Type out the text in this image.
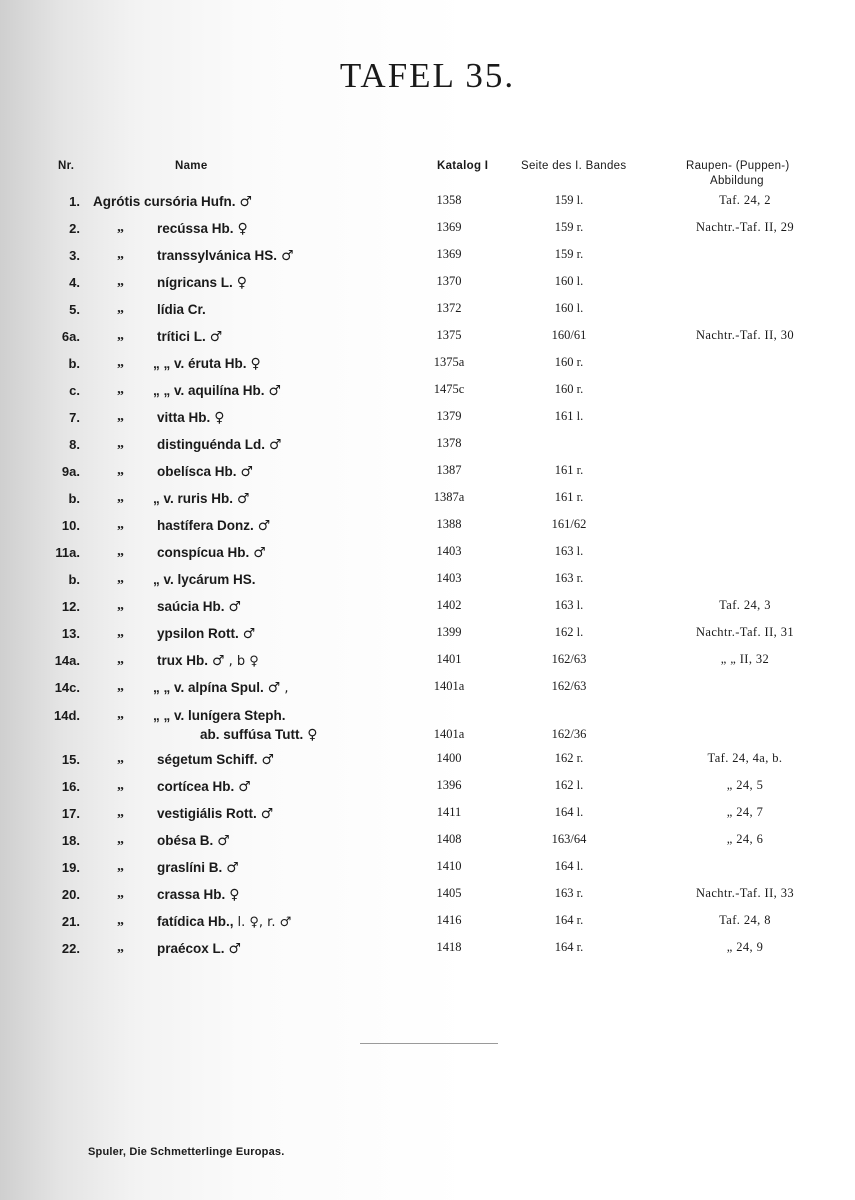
TAFEL 35.
Nr.	Name	Katalog I	Seite des I. Bandes	Raupen- (Puppen-)
Abbildung
1. Agrótis cursória Hufn. ♂	1358	159 l.	Taf. 24, 2
2.	„ recússa Hb. ♀	1369	159 r.	Nachtr.-Taf. II, 29
3.	„ transsylvánica HS. ♂	1369	159 r.
4.	„ nígricans L. ♀	1370	160 l.
5.	„ lídia Cr.	1372	160 l.
6a.	„ trítici L. ♂	1375	160/61	Nachtr.-Taf. II, 30
b.	„ „ „ v. éruta Hb. ♀	1375a	160 r.
c.	„ „ „ v. aquilína Hb. ♂	1475c	160 r.
7.	„ vitta Hb. ♀	1379	161 l.
8.	„ distinguénda Ld. ♂	1378
9a.	„ obelísca Hb. ♂	1387	161 r.
b.	„ „ v. ruris Hb. ♂	1387a	161 r.
10.	„ hastífera Donz. ♂	1388	161/62
11a.	„ conspícua Hb. ♂	1403	163 l.
b.	„ „ v. lycárum HS.	1403	163 r.
12.	„ saúcia Hb. ♂	1402	163 l.	Taf. 24, 3
13.	„ ypsilon Rott. ♂	1399	162 l.	Nachtr.-Taf. II, 31
14a.	„ trux Hb. ♂ , b ♀	1401	162/63	„ „ II, 32
14c.	„ „ „ v. alpína Spul. ♂ ,	1401a	162/63
14d.	„ „ „ v. lunígera Steph.
ab. suffúsa Tutt. ♀	1401a	162/36
15.	„ ségetum Schiff. ♂	1400	162 r.	Taf. 24, 4a, b.
16.	„ cortícea Hb. ♂	1396	162 l.	„ 24, 5
17.	„ vestigiális Rott. ♂	1411	164 l.	„ 24, 7
18.	„ obésa B. ♂	1408	163/64	„ 24, 6
19.	„ graslíni B. ♂	1410	164 l.
20.	„ crassa Hb. ♀	1405	163 r.	Nachtr.-Taf. II, 33
21.	„ fatídica Hb., l. ♀, r. ♂	1416	164 r.	Taf. 24, 8
22.	„ praécox L. ♂	1418	164 r.	„ 24, 9
Spuler, Die Schmetterlinge Europas.
